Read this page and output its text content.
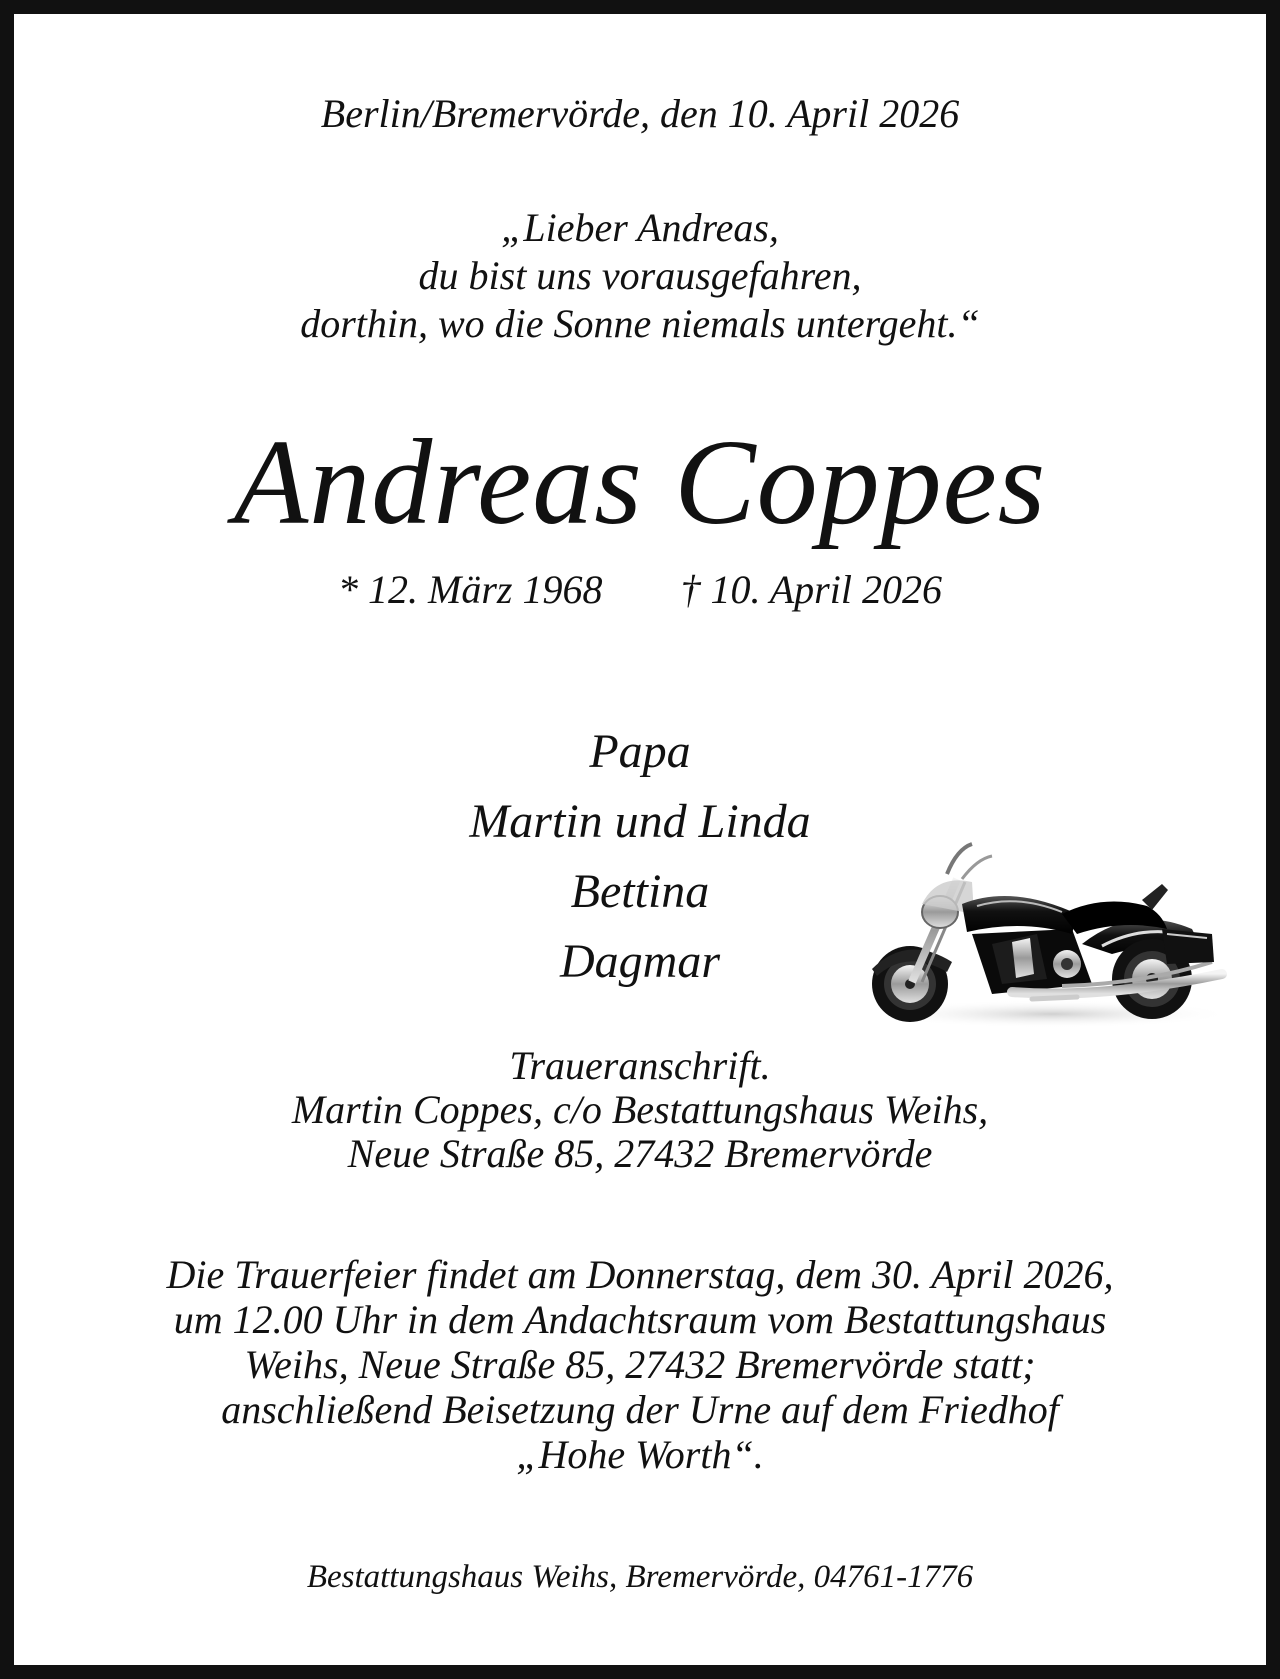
Berlin/Bremervörde, den 10. April 2026
„Lieber Andreas,
du bist uns vorausgefahren,
dorthin, wo die Sonne niemals untergeht.“
Andreas Coppes
* 12. März 1968 † 10. April 2026
Papa
Martin und Linda
Bettina
Dagmar
Traueranschrift.
Martin Coppes, c/o Bestattungshaus Weihs,
Neue Straße 85, 27432 Bremervörde
Die Trauerfeier findet am Donnerstag, dem 30. April 2026,
um 12.00 Uhr in dem Andachtsraum vom Bestattungshaus
Weihs, Neue Straße 85, 27432 Bremervörde statt;
anschließend Beisetzung der Urne auf dem Friedhof
„Hohe Worth“.
Bestattungshaus Weihs, Bremervörde, 04761-1776
